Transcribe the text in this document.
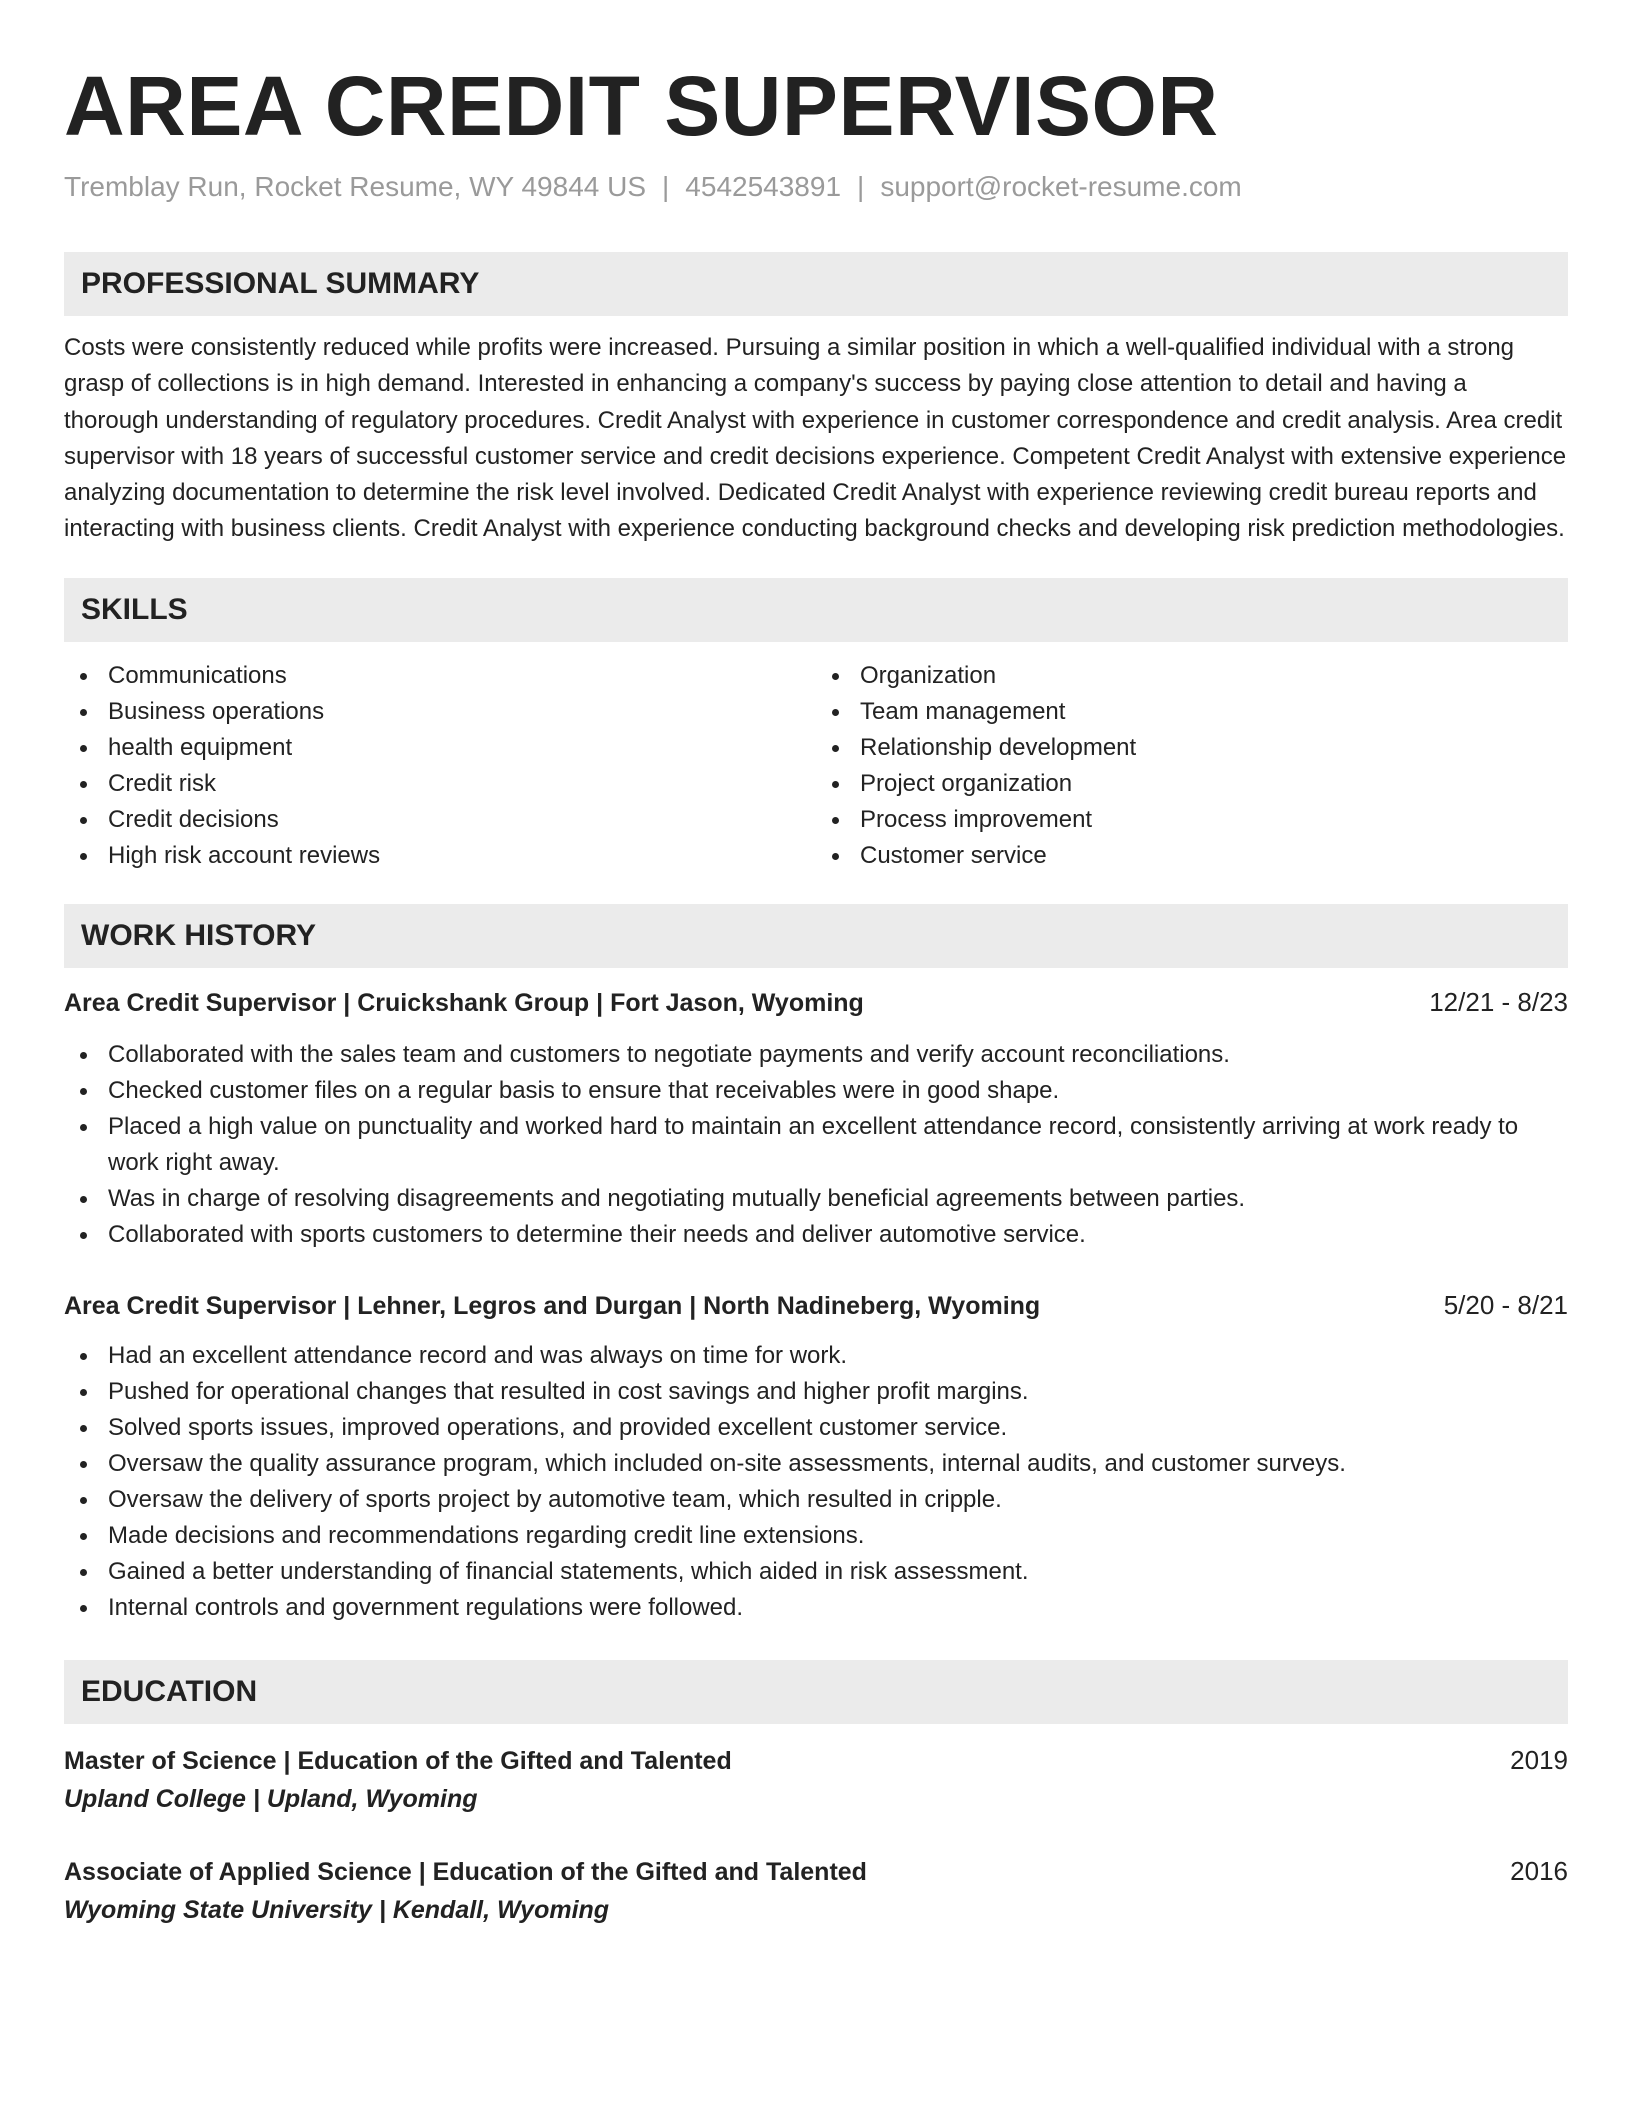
AREA CREDIT SUPERVISOR
Tremblay Run, Rocket Resume, WY 49844 US | 4542543891 | support@rocket-resume.com
PROFESSIONAL SUMMARY

Costs were consistently reduced while profits were increased. Pursuing a similar position in which a well-qualified individual with a strong grasp of collections is in high demand. Interested in enhancing a company's success by paying close attention to detail and having a thorough understanding of regulatory procedures. Credit Analyst with experience in customer correspondence and credit analysis. Area credit supervisor with 18 years of successful customer service and credit decisions experience. Competent Credit Analyst with extensive experience analyzing documentation to determine the risk level involved. Dedicated Credit Analyst with experience reviewing credit bureau reports and interacting with business clients. Credit Analyst with experience conducting background checks and developing risk prediction methodologies.

SKILLS
Communications
Business operations
health equipment
Credit risk
Credit decisions
High risk account reviews
Organization
Team management
Relationship development
Project organization
Process improvement
Customer service
WORK HISTORY
Area Credit Supervisor | Cruickshank Group | Fort Jason, Wyoming	12/21 - 8/23
Collaborated with the sales team and customers to negotiate payments and verify account reconciliations.
Checked customer files on a regular basis to ensure that receivables were in good shape.
Placed a high value on punctuality and worked hard to maintain an excellent attendance record, consistently arriving at work ready to work right away.
Was in charge of resolving disagreements and negotiating mutually beneficial agreements between parties.
Collaborated with sports customers to determine their needs and deliver automotive service.
Area Credit Supervisor | Lehner, Legros and Durgan | North Nadineberg, Wyoming	5/20 - 8/21
Had an excellent attendance record and was always on time for work.
Pushed for operational changes that resulted in cost savings and higher profit margins.
Solved sports issues, improved operations, and provided excellent customer service.
Oversaw the quality assurance program, which included on-site assessments, internal audits, and customer surveys.
Oversaw the delivery of sports project by automotive team, which resulted in cripple.
Made decisions and recommendations regarding credit line extensions.
Gained a better understanding of financial statements, which aided in risk assessment.
Internal controls and government regulations were followed.
EDUCATION
Master of Science | Education of the Gifted and Talented	2019
Upland College | Upland, Wyoming
Associate of Applied Science | Education of the Gifted and Talented	2016
Wyoming State University | Kendall, Wyoming
